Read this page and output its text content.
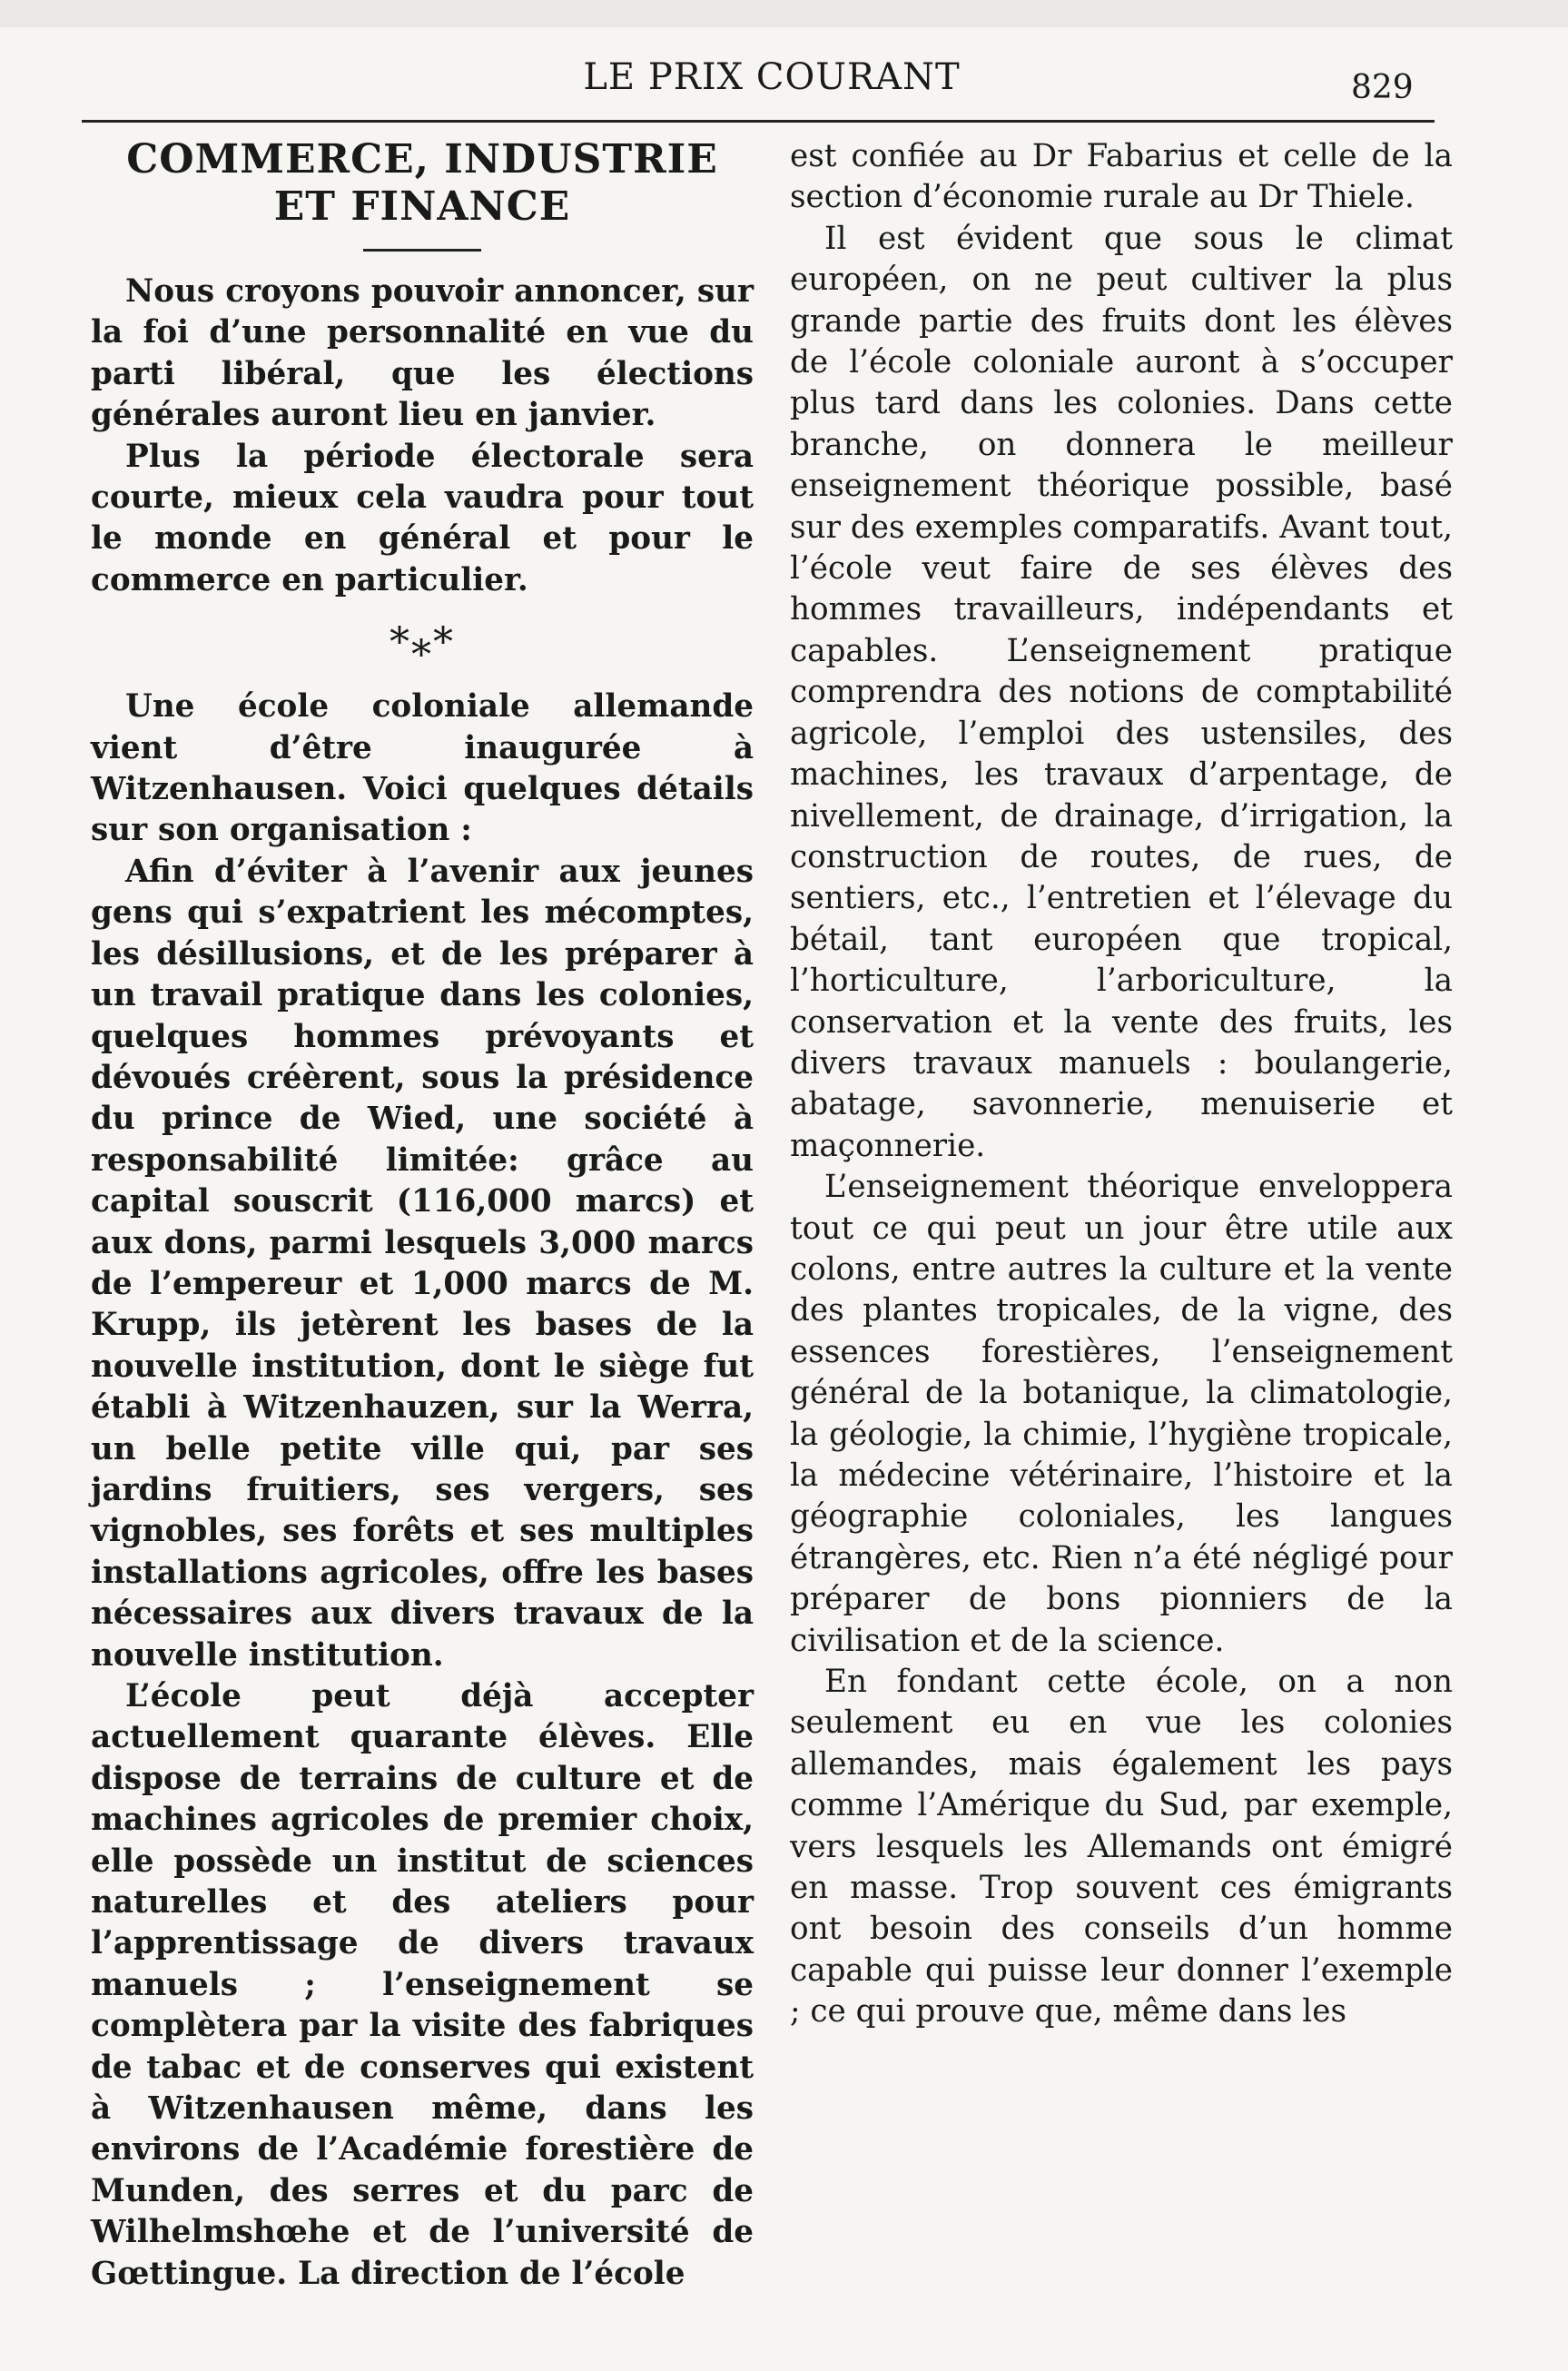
LE PRIX COURANT	829
COMMERCE, INDUSTRIE
ET FINANCE

Nous croyons pouvoir annoncer, sur la foi d’une personnalité en vue du parti libéral, que les élections générales auront lieu en janvier.

Plus la période électorale sera courte, mieux cela vaudra pour tout le monde en général et pour le commerce en particulier.

*⁎*

Une école coloniale allemande vient d’être inaugurée à Witzenhausen. Voici quelques détails sur son organisation :

Afin d’éviter à l’avenir aux jeunes gens qui s’expatrient les mécomptes, les désillusions, et de les préparer à un travail pratique dans les colonies, quelques hommes prévoyants et dévoués créèrent, sous la présidence du prince de Wied, une société à responsabilité limitée: grâce au capital souscrit (116,000 marcs) et aux dons, parmi lesquels 3,000 marcs de l’empereur et 1,000 marcs de M. Krupp, ils jetèrent les bases de la nouvelle institution, dont le siège fut établi à Witzenhauzen, sur la Werra, un belle petite ville qui, par ses jardins fruitiers, ses vergers, ses vignobles, ses forêts et ses multiples installations agricoles, offre les bases nécessaires aux divers travaux de la nouvelle institution.

L’école peut déjà accepter actuellement quarante élèves. Elle dispose de terrains de culture et de machines agricoles de premier choix, elle possède un institut de sciences naturelles et des ateliers pour l’apprentissage de divers travaux manuels ; l’enseignement se complètera par la visite des fabriques de tabac et de conserves qui existent à Witzenhausen même, dans les environs de l’Académie forestière de Munden, des serres et du parc de Wilhelmshœhe et de l’université de Gœttingue. La direction de l’école

est confiée au Dr Fabarius et celle de la section d’économie rurale au Dr Thiele.

Il est évident que sous le climat européen, on ne peut cultiver la plus grande partie des fruits dont les élèves de l’école coloniale auront à s’occuper plus tard dans les colonies. Dans cette branche, on donnera le meilleur enseignement théorique possible, basé sur des exemples comparatifs. Avant tout, l’école veut faire de ses élèves des hommes travailleurs, indépendants et capables. L’enseignement pratique comprendra des notions de comptabilité agricole, l’emploi des ustensiles, des machines, les travaux d’arpentage, de nivellement, de drainage, d’irrigation, la construction de routes, de rues, de sentiers, etc., l’entretien et l’élevage du bétail, tant européen que tropical, l’horticulture, l’arboriculture, la conservation et la vente des fruits, les divers travaux manuels : boulangerie, abatage, savonnerie, menuiserie et maçonnerie.

L’enseignement théorique enveloppera tout ce qui peut un jour être utile aux colons, entre autres la culture et la vente des plantes tropicales, de la vigne, des essences forestières, l’enseignement général de la botanique, la climatologie, la géologie, la chimie, l’hygiène tropicale, la médecine vétérinaire, l’histoire et la géographie coloniales, les langues étrangères, etc. Rien n’a été négligé pour préparer de bons pionniers de la civilisation et de la science.

En fondant cette école, on a non seulement eu en vue les colonies allemandes, mais également les pays comme l’Amérique du Sud, par exemple, vers lesquels les Allemands ont émigré en masse. Trop souvent ces émigrants ont besoin des conseils d’un homme capable qui puisse leur donner l’exemple ; ce qui prouve que, même dans les
